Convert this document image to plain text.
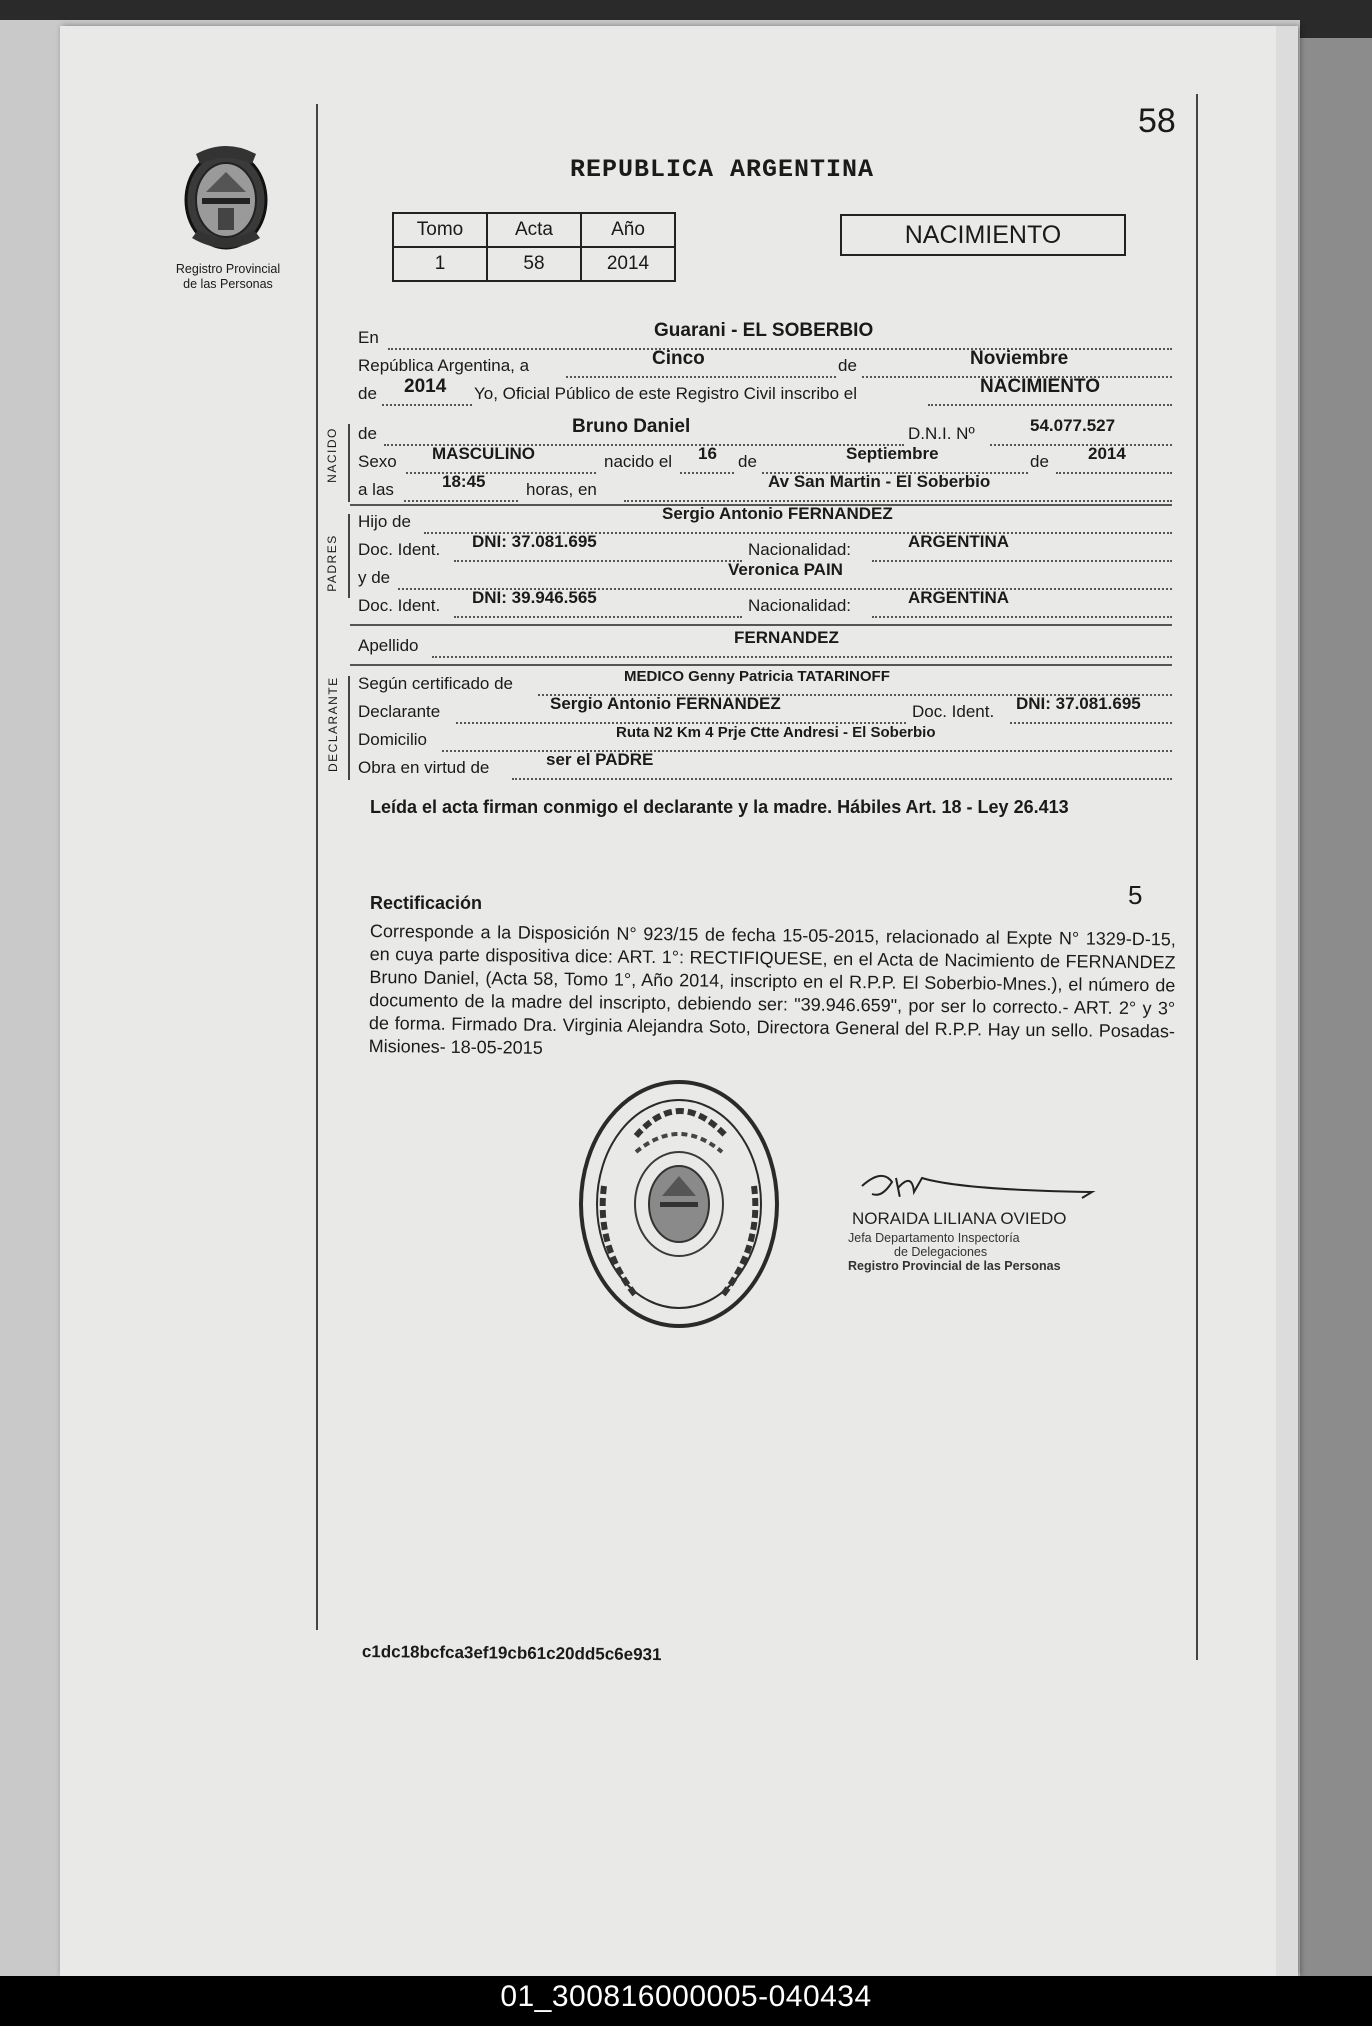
58
Registro Provincial
de las Personas
REPUBLICA ARGENTINA
Tomo	Acta	Año
1	58	2014
NACIMIENTO
En	Guarani - EL SOBERBIO
República Argentina, a	Cinco	de	Noviembre
de 2014 Yo, Oficial Público de este Registro Civil inscribo el	NACIMIENTO
NACIDO de	Bruno Daniel	D.N.I. Nº	54.077.527
Sexo MASCULINO	nacido el 16 de	Septiembre	de 2014
a las	18:45 horas, en	Av San Martin - El Soberbio
PADRES
Hijo de	Sergio Antonio FERNANDEZ
Doc. Ident. DNI: 37.081.695	Nacionalidad:	ARGENTINA
y de	Veronica PAIN
Doc. Ident. DNI: 39.946.565	Nacionalidad:	ARGENTINA
Apellido	FERNANDEZ
DECLARANTE Según certificado de	MEDICO Genny Patricia TATARINOFF
Declarante	Sergio Antonio FERNANDEZ	Doc. Ident. DNI: 37.081.695
Domicilio	Ruta N2 Km 4 Prje Ctte Andresi - El Soberbio
Obra en virtud de	ser el PADRE
Leída el acta firman conmigo el declarante y la madre. Hábiles Art. 18 - Ley 26.413
Rectificación	5
Corresponde a la Disposición N° 923/15 de fecha 15-05-2015, relacionado al Expte N° 1329-D-15, en cuya parte dispositiva dice: ART. 1°: RECTIFIQUESE, en el Acta de Nacimiento de FERNANDEZ Bruno Daniel, (Acta 58, Tomo 1°, Año 2014, inscripto en el R.P.P. El Soberbio-Mnes.), el número de documento de la madre del inscripto, debiendo ser: "39.946.659", por ser lo correcto.- ART. 2° y 3° de forma. Firmado Dra. Virginia Alejandra Soto, Directora General del R.P.P. Hay un sello. Posadas- Misiones- 18-05-2015
NORAIDA LILIANA OVIEDO
Jefa Departamento Inspectoría
de Delegaciones
Registro Provincial de las Personas
c1dc18bcfca3ef19cb61c20dd5c6e931
01_300816000005-040434
